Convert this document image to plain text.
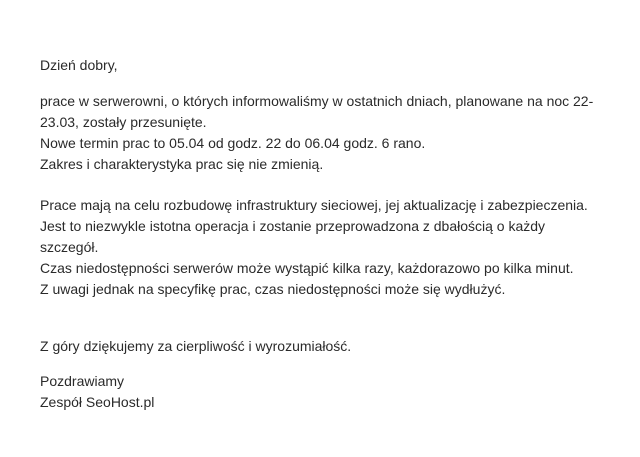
Dzień dobry,
prace w serwerowni, o których informowaliśmy w ostatnich dniach, planowane na noc 22-
23.03, zostały przesunięte.
Nowe termin prac to 05.04 od godz. 22 do 06.04 godz. 6 rano.
Zakres i charakterystyka prac się nie zmienią.
Prace mają na celu rozbudowę infrastruktury sieciowej, jej aktualizację i zabezpieczenia.
Jest to niezwykle istotna operacja i zostanie przeprowadzona z dbałością o każdy
szczegół.
Czas niedostępności serwerów może wystąpić kilka razy, każdorazowo po kilka minut.
Z uwagi jednak na specyfikę prac, czas niedostępności może się wydłużyć.
Z góry dziękujemy za cierpliwość i wyrozumiałość.
Pozdrawiamy
Zespół SeoHost.pl
